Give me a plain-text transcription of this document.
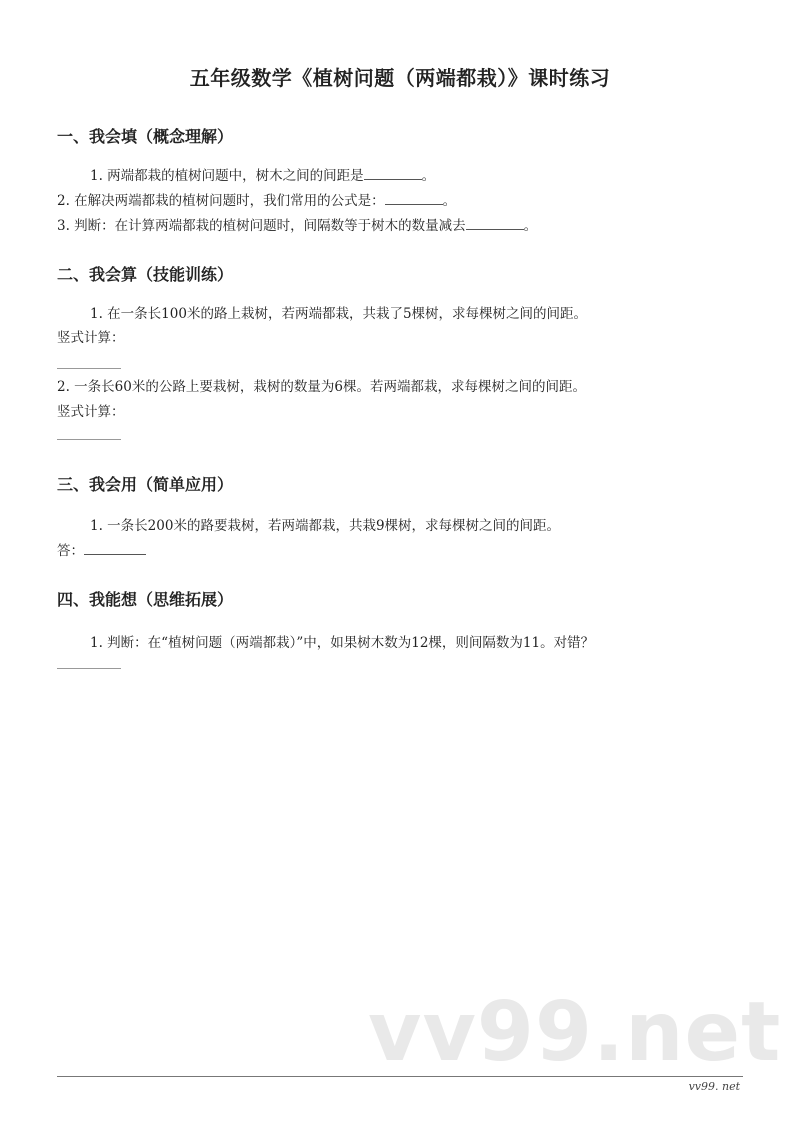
五年级数学《植树问题（两端都栽）》课时练习
一、我会填（概念理解）
1. 两端都栽的植树问题中，树木之间的间距是	。
2. 在解决两端都栽的植树问题时，我们常用的公式是：	。
3. 判断：在计算两端都栽的植树问题时，间隔数等于树木的数量减去	。
二、我会算（技能训练）
1. 在一条长100米的路上栽树，若两端都栽，共栽了5棵树，求每棵树之间的间距。
竖式计算：
2. 一条长60米的公路上要栽树，栽树的数量为6棵。若两端都栽，求每棵树之间的间距。
竖式计算：
三、我会用（简单应用）
1. 一条长200米的路要栽树，若两端都栽，共栽9棵树，求每棵树之间的间距。
答：
四、我能想（思维拓展）
1. 判断：在“植树问题（两端都栽）”中，如果树木数为12棵，则间隔数为11。对错？
vv99.net
vv99. net
